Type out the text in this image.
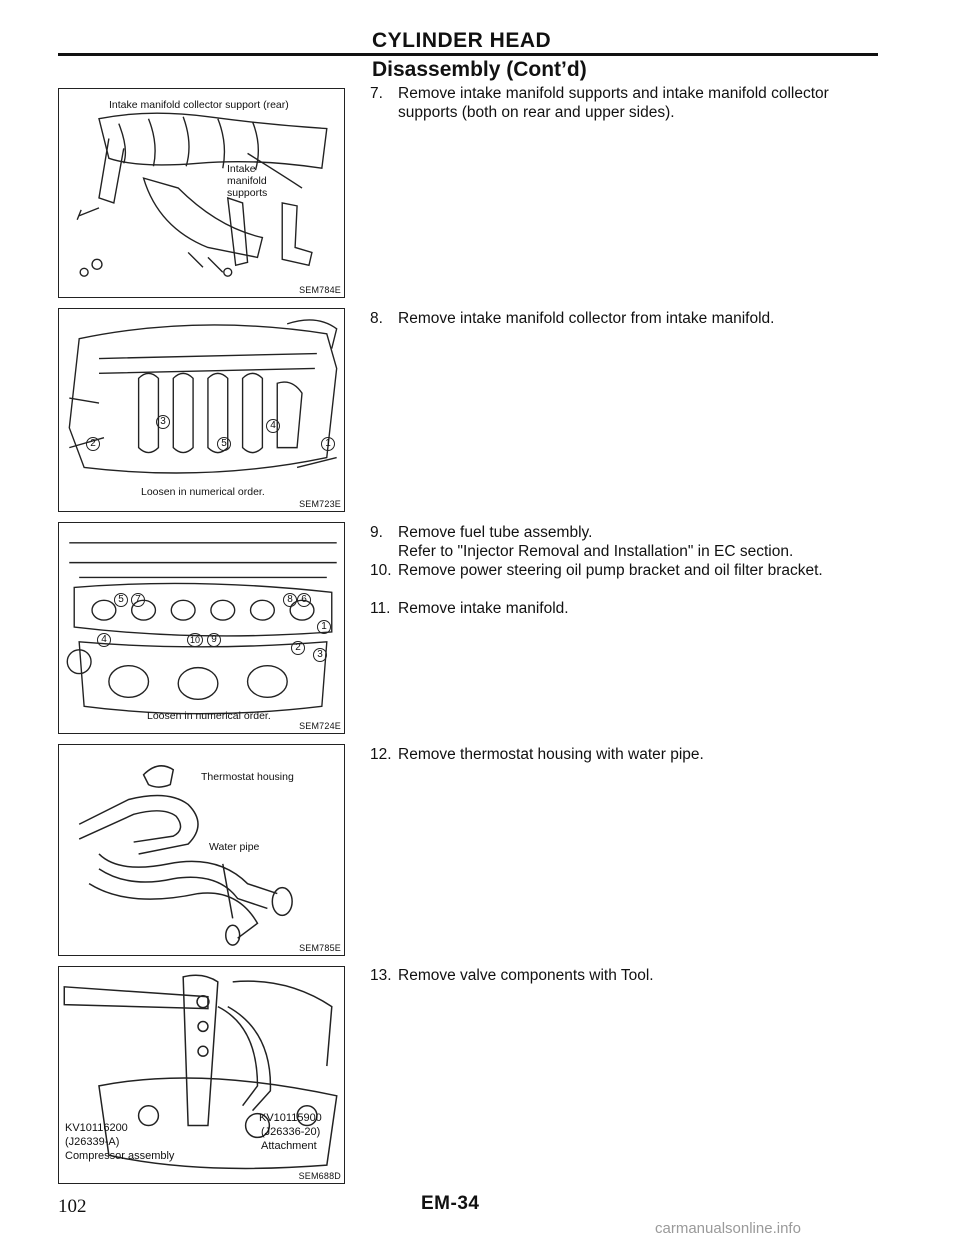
CYLINDER HEAD
Disassembly (Cont’d)
Intake manifold collector support (rear)
Intake manifold supports
SEM784E
1
2
3	4
5
Loosen in numerical order.
SEM723E
1
2
3
4
5	6
7	8
9
10
Loosen in numerical order.
SEM724E
Thermostat housing
Water pipe
SEM785E
KV10116200
(J26339-A)
Compressor assembly
KV10115900
(J26336-20)
Attachment
SEM688D
7. Remove intake manifold supports and intake manifold collector supports (both on rear and upper sides).
8. Remove intake manifold collector from intake manifold.
9. Remove fuel tube assembly.
Refer to "Injector Removal and Installation" in EC section.
10. Remove power steering oil pump bracket and oil filter bracket.
11. Remove intake manifold.
12. Remove thermostat housing with water pipe.
13. Remove valve components with Tool.
102	EM-34
carmanualsonline.info
